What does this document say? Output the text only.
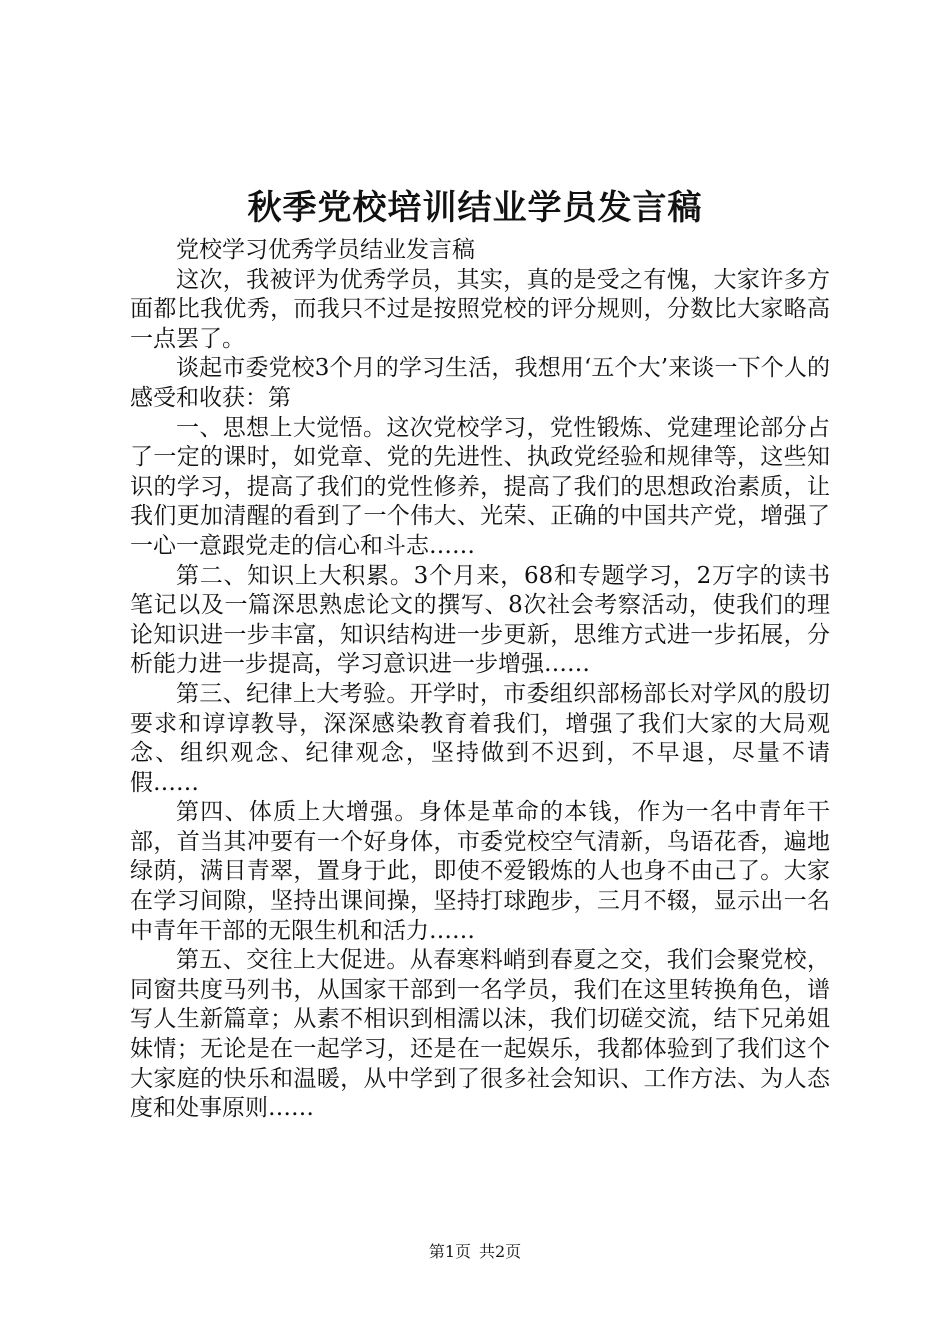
秋季党校培训结业学员发言稿

党校学习优秀学员结业发言稿

这次，我被评为优秀学员，其实，真的是受之有愧，大家许多方面都比我优秀，而我只不过是按照党校的评分规则，分数比大家略高一点罢了。

谈起市委党校3个月的学习生活，我想用‘五个大’来谈一下个人的感受和收获：第

一、思想上大觉悟。这次党校学习，党性锻炼、党建理论部分占了一定的课时，如党章、党的先进性、执政党经验和规律等，这些知识的学习，提高了我们的党性修养，提高了我们的思想政治素质，让我们更加清醒的看到了一个伟大、光荣、正确的中国共产党，增强了一心一意跟党走的信心和斗志……

第二、知识上大积累。3个月来，68和专题学习，2万字的读书笔记以及一篇深思熟虑论文的撰写、8次社会考察活动，使我们的理论知识进一步丰富，知识结构进一步更新，思维方式进一步拓展，分析能力进一步提高，学习意识进一步增强……

第三、纪律上大考验。开学时，市委组织部杨部长对学风的殷切要求和谆谆教导，深深感染教育着我们，增强了我们大家的大局观念、组织观念、纪律观念，坚持做到不迟到，不早退，尽量不请假……

第四、体质上大增强。身体是革命的本钱，作为一名中青年干部，首当其冲要有一个好身体，市委党校空气清新，鸟语花香，遍地绿荫，满目青翠，置身于此，即使不爱锻炼的人也身不由己了。大家在学习间隙，坚持出课间操，坚持打球跑步，三月不辍，显示出一名中青年干部的无限生机和活力……

第五、交往上大促进。从春寒料峭到春夏之交，我们会聚党校，同窗共度马列书，从国家干部到一名学员，我们在这里转换角色，谱写人生新篇章；从素不相识到相濡以沫，我们切磋交流，结下兄弟姐妹情；无论是在一起学习，还是在一起娱乐，我都体验到了我们这个大家庭的快乐和温暖，从中学到了很多社会知识、工作方法、为人态度和处事原则……

第1页 共2页
